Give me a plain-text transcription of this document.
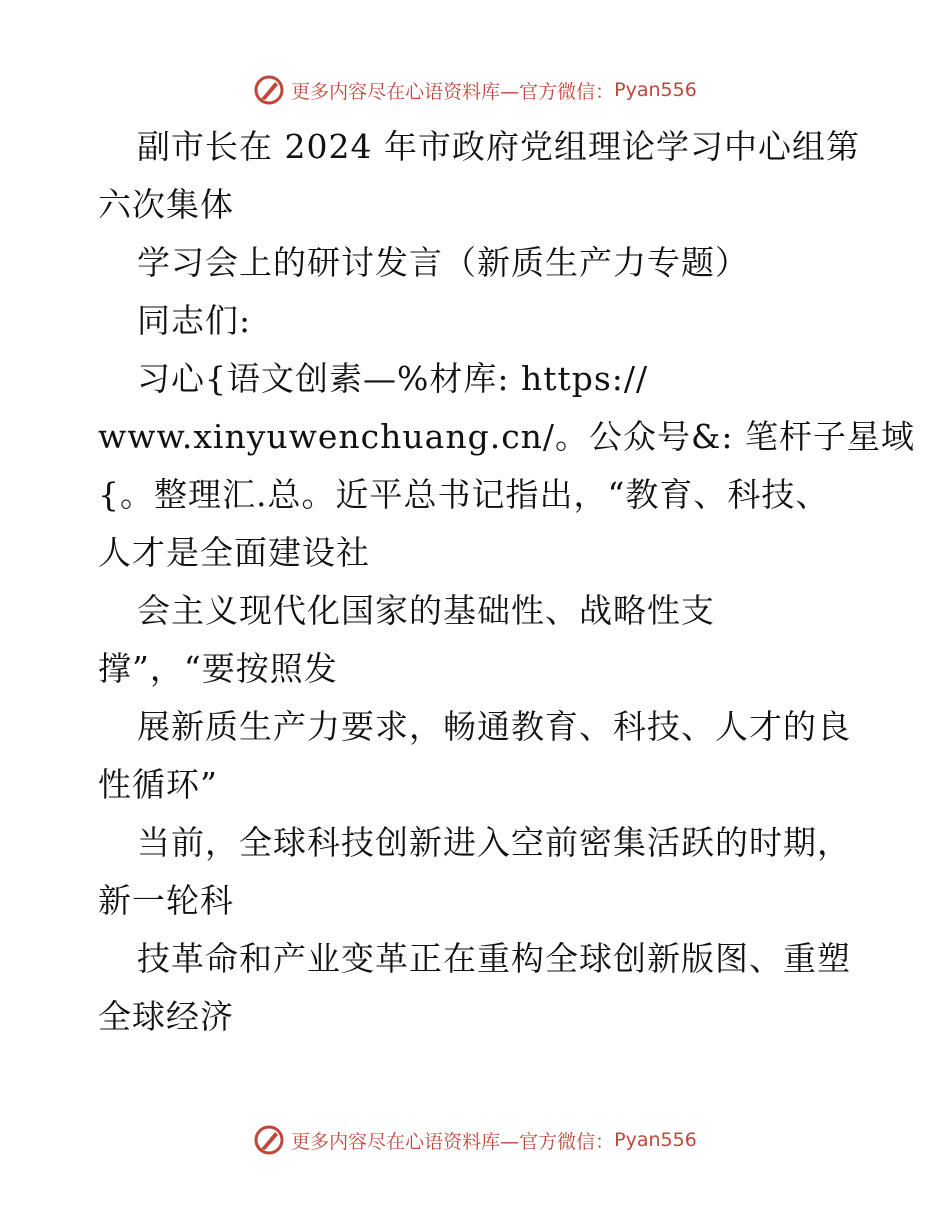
更多内容尽在心语资料库—官方微信： Pyan556
副市长在 2024 年市政府党组理论学习中心组第
六次集体
学习会上的研讨发言（新质生产力专题）
同志们:
习心{语文创素—%材库: https://
www.xinyuwenchuang.cn/。公众号&: 笔杆子星域
{。整理汇.总。近平总书记指出，“教育、科技、
人才是全面建设社
会主义现代化国家的基础性、战略性支
撑”，“要按照发
展新质生产力要求，畅通教育、科技、人才的良
性循环”
当前，全球科技创新进入空前密集活跃的时期，
新一轮科
技革命和产业变革正在重构全球创新版图、重塑
全球经济
更多内容尽在心语资料库—官方微信： Pyan556
